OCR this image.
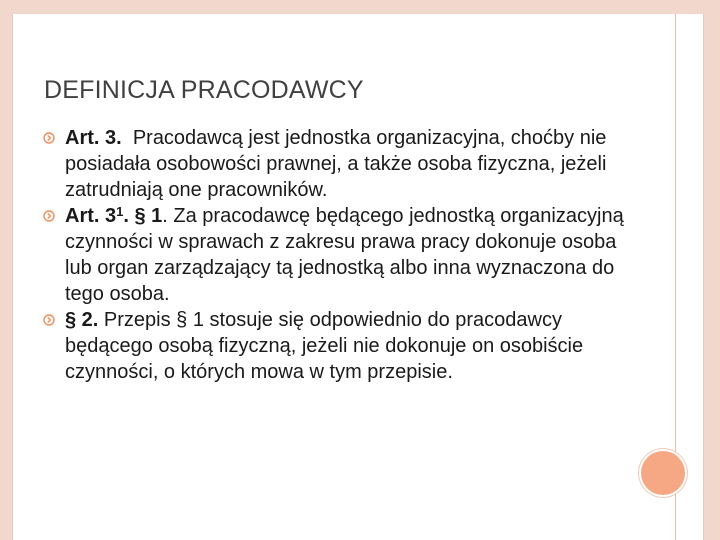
DEFINICJA PRACODAWCY

Art. 3. Pracodawcą jest jednostka organizacyjna, choćby nie posiadała osobowości prawnej, a także osoba fizyczna, jeżeli zatrudniają one pracowników.

Art. $3^1$. § 1. Za pracodawcę będącego jednostką organizacyjną czynności w sprawach z zakresu prawa pracy dokonuje osoba lub organ zarządzający tą jednostką albo inna wyznaczona do tego osoba.

§ 2. Przepis § 1 stosuje się odpowiednio do pracodawcy będącego osobą fizyczną, jeżeli nie dokonuje on osobiście czynności, o których mowa w tym przepisie.
